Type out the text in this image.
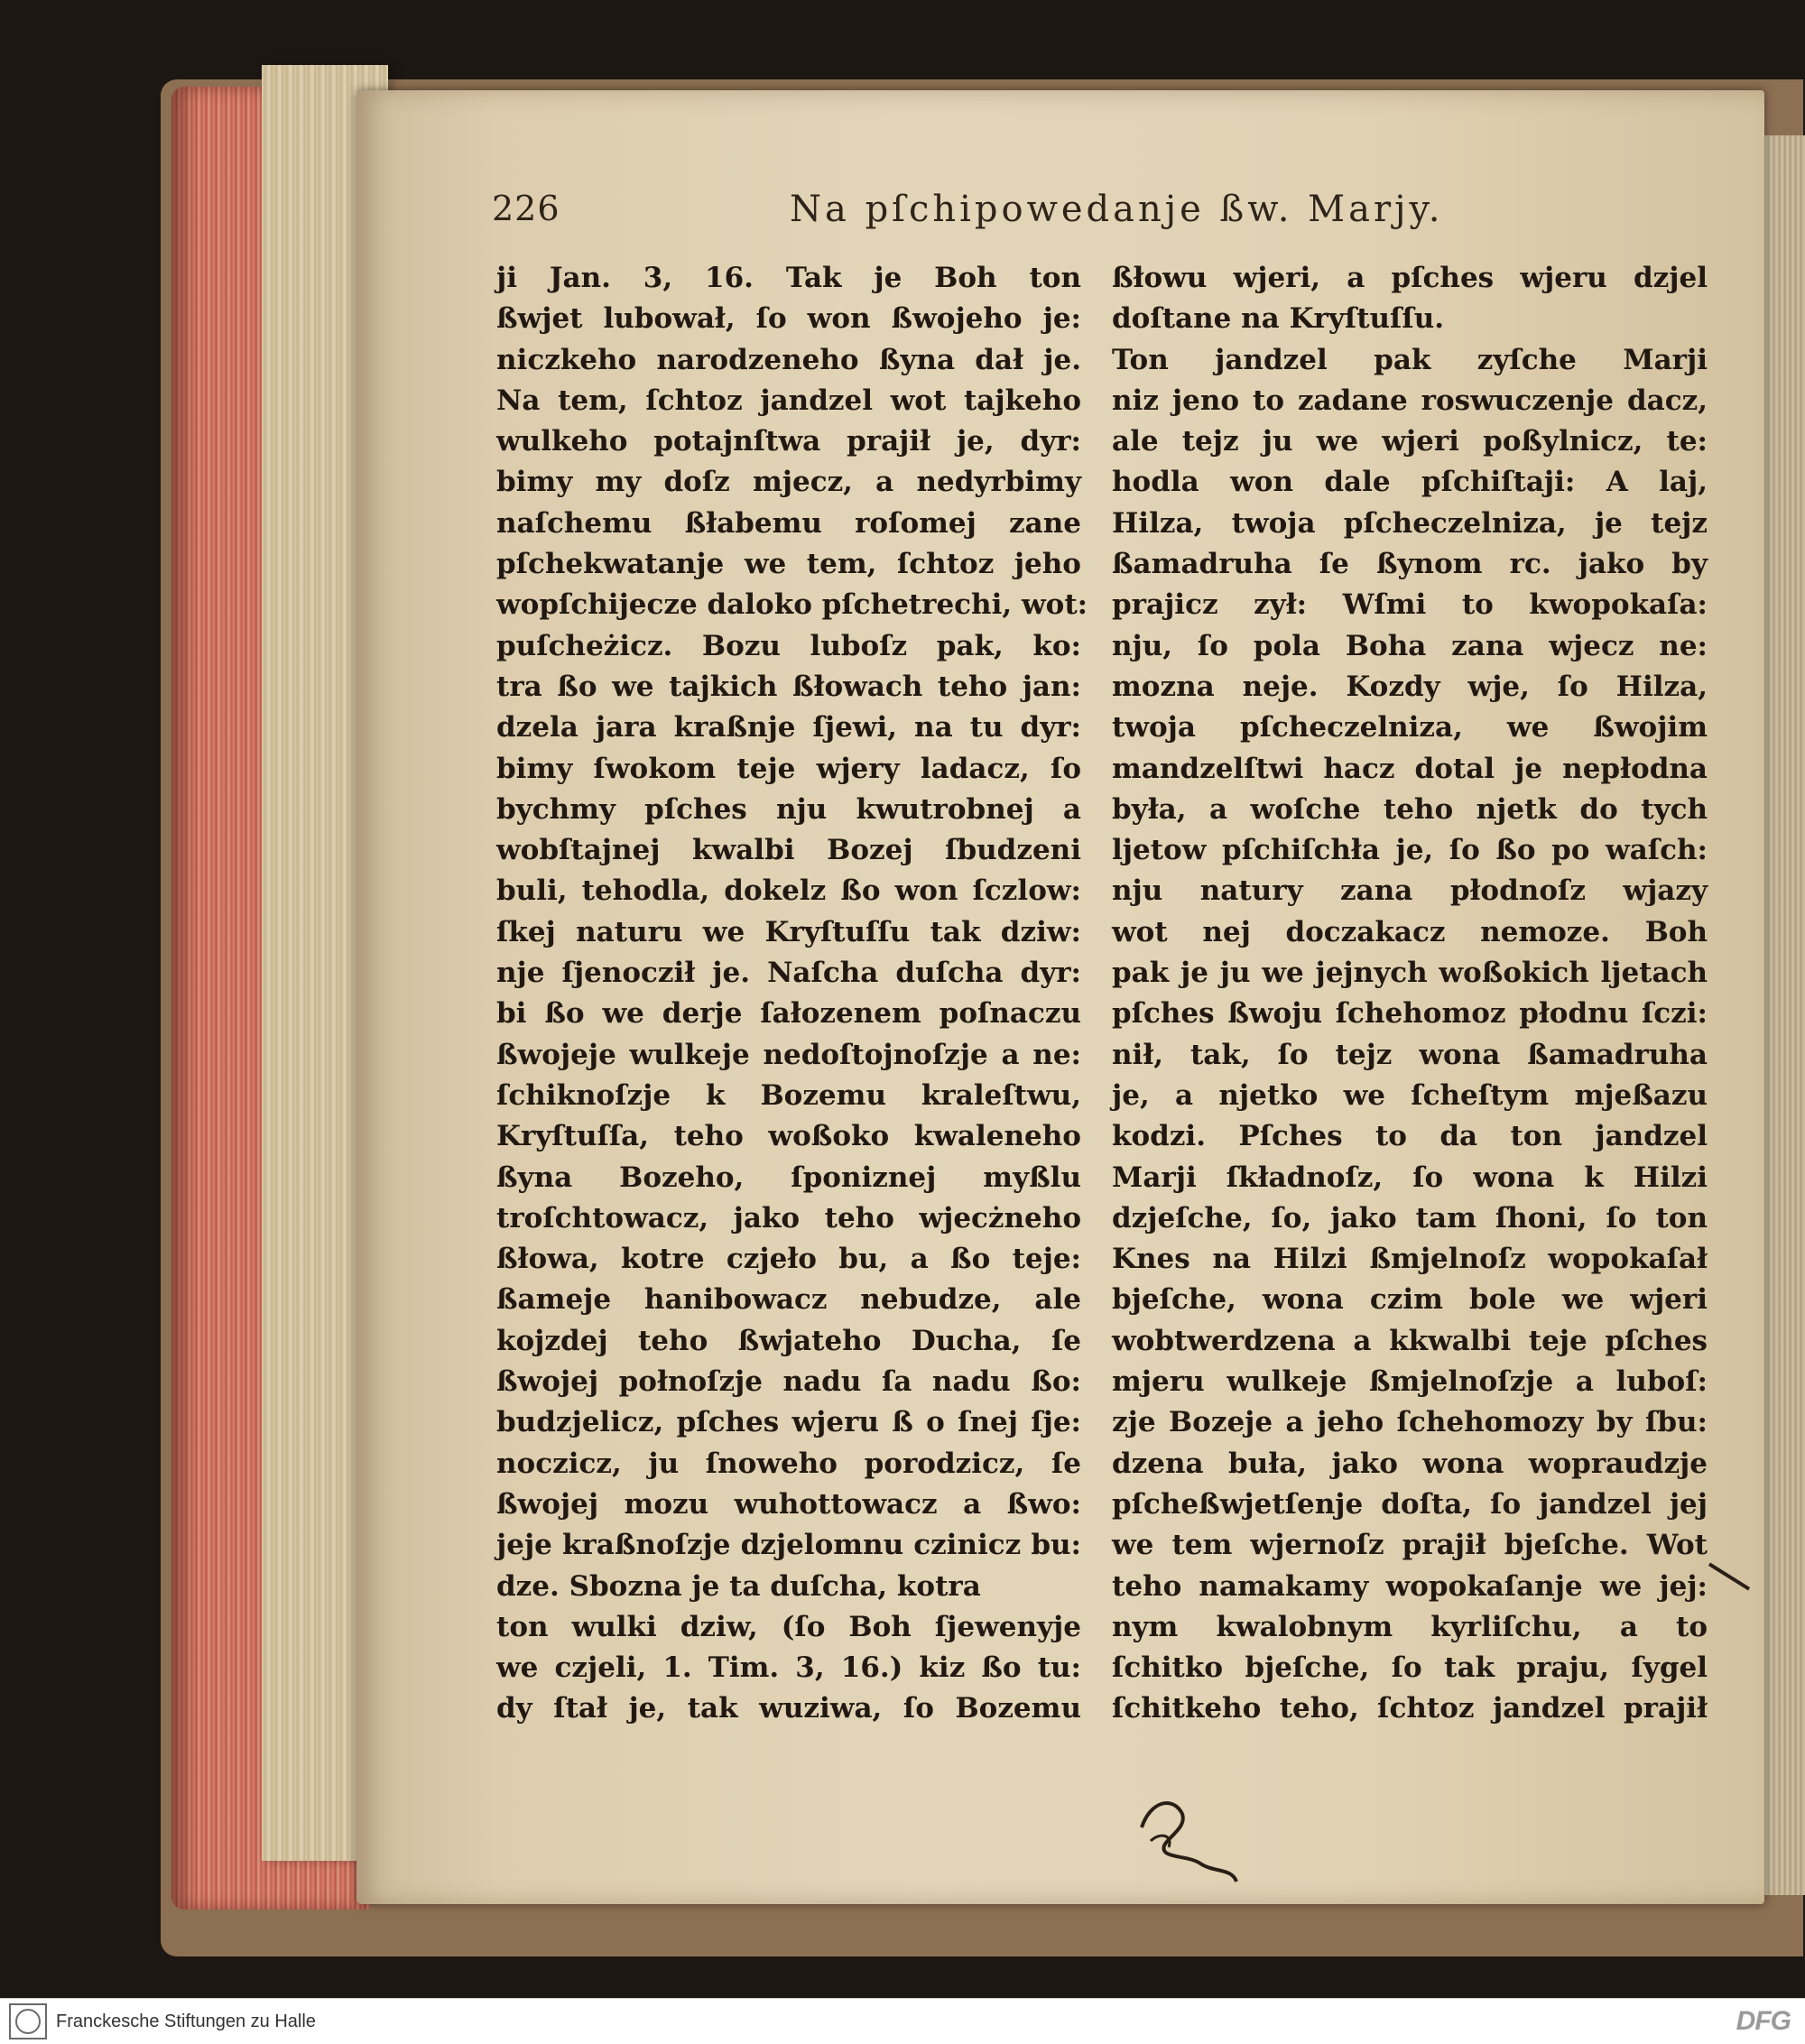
226	Na pſchipowedanje ßw. Marjy.
ji Jan. 3, 16. Tak je Boh ton
ßwjet lubował, ſo won ßwojeho je:
niczkeho narodzeneho ßyna dał je.
Na tem, ſchtoz jandzel wot tajkeho
wulkeho potajnſtwa prajił je, dyr:
bimy my doſz mjecz, a nedyrbimy
naſchemu ßłabemu roſomej zane
pſchekwatanje we tem, ſchtoz jeho
wopſchijecze daloko pſchetrechi, wot:
puſcheżicz. Bozu luboſz pak, ko:
tra ßo we tajkich ßłowach teho jan:
dzela jara kraßnje ſjewi, na tu dyr:
bimy ſwokom teje wjery ladacz, ſo
bychmy pſches nju kwutrobnej a
wobſtajnej kwalbi Bozej ſbudzeni
buli, tehodla, dokelz ßo won ſczlow:
ſkej naturu we Kryſtuſſu tak dziw:
nje ſjenocził je. Naſcha duſcha dyr:
bi ßo we derje ſałozenem poſnaczu
ßwojeje wulkeje nedoſtojnoſzje a ne:
ſchiknoſzje k Bozemu kraleſtwu,
Kryſtuſſa, teho woßoko kwaleneho
ßyna Bozeho, ſponiznej myßlu
troſchtowacz, jako teho wjecżneho
ßłowa, kotre czjeło bu, a ßo teje:
ßameje hanibowacz nebudze, ale
kojzdej teho ßwjateho Ducha, ſe
ßwojej połnoſzje nadu ſa nadu ßo:
budzjelicz, pſches wjeru ß o ſnej ſje:
noczicz, ju ſnoweho porodzicz, ſe
ßwojej mozu wuhottowacz a ßwo:
jeje kraßnoſzje dzjelomnu czinicz bu:
dze. Sbozna je ta duſcha, kotra
ton wulki dziw, (ſo Boh ſjewenyje
we czjeli, 1. Tim. 3, 16.) kiz ßo tu:
dy ſtał je, tak wuziwa, ſo Bozemu
ßłowu wjeri, a pſches wjeru dzjel
doſtane na Kryſtuſſu.
Ton jandzel pak zyſche Marji
niz jeno to zadane roswuczenje dacz,
ale tejz ju we wjeri poßylnicz, te:
hodla won dale pſchiſtaji: A laj,
Hilza, twoja pſcheczelniza, je tejz
ßamadruha ſe ßynom rc. jako by
prajicz zył: Wſmi to kwopokaſa:
nju, ſo pola Boha zana wjecz ne:
mozna neje. Kozdy wje, ſo Hilza,
twoja pſcheczelniza, we ßwojim
mandzelſtwi hacz dotal je nepłodna
była, a woſche teho njetk do tych
ljetow pſchiſchła je, ſo ßo po waſch:
nju natury zana płodnoſz wjazy
wot nej doczakacz nemoze. Boh
pak je ju we jejnych woßokich ljetach
pſches ßwoju ſchehomoz płodnu ſczi:
nił, tak, ſo tejz wona ßamadruha
je, a njetko we ſcheſtym mjeßazu
kodzi. Pſches to da ton jandzel
Marji ſkładnoſz, ſo wona k Hilzi
dzjeſche, ſo, jako tam ſhoni, ſo ton
Knes na Hilzi ßmjelnoſz wopokaſał
bjeſche, wona czim bole we wjeri
wobtwerdzena a kkwalbi teje pſches
mjeru wulkeje ßmjelnoſzje a luboſ:
zje Bozeje a jeho ſchehomozy by ſbu:
dzena buła, jako wona wopraudzje
pſcheßwjetſenje doſta, ſo jandzel jej
we tem wjernoſz prajił bjeſche. Wot
teho namakamy wopokaſanje we jej:
nym kwalobnym kyrliſchu, a to
ſchitko bjeſche, ſo tak praju, ſygel
ſchitkeho teho, ſchtoz jandzel prajił
Franckesche Stiftungen zu Halle	DFG
